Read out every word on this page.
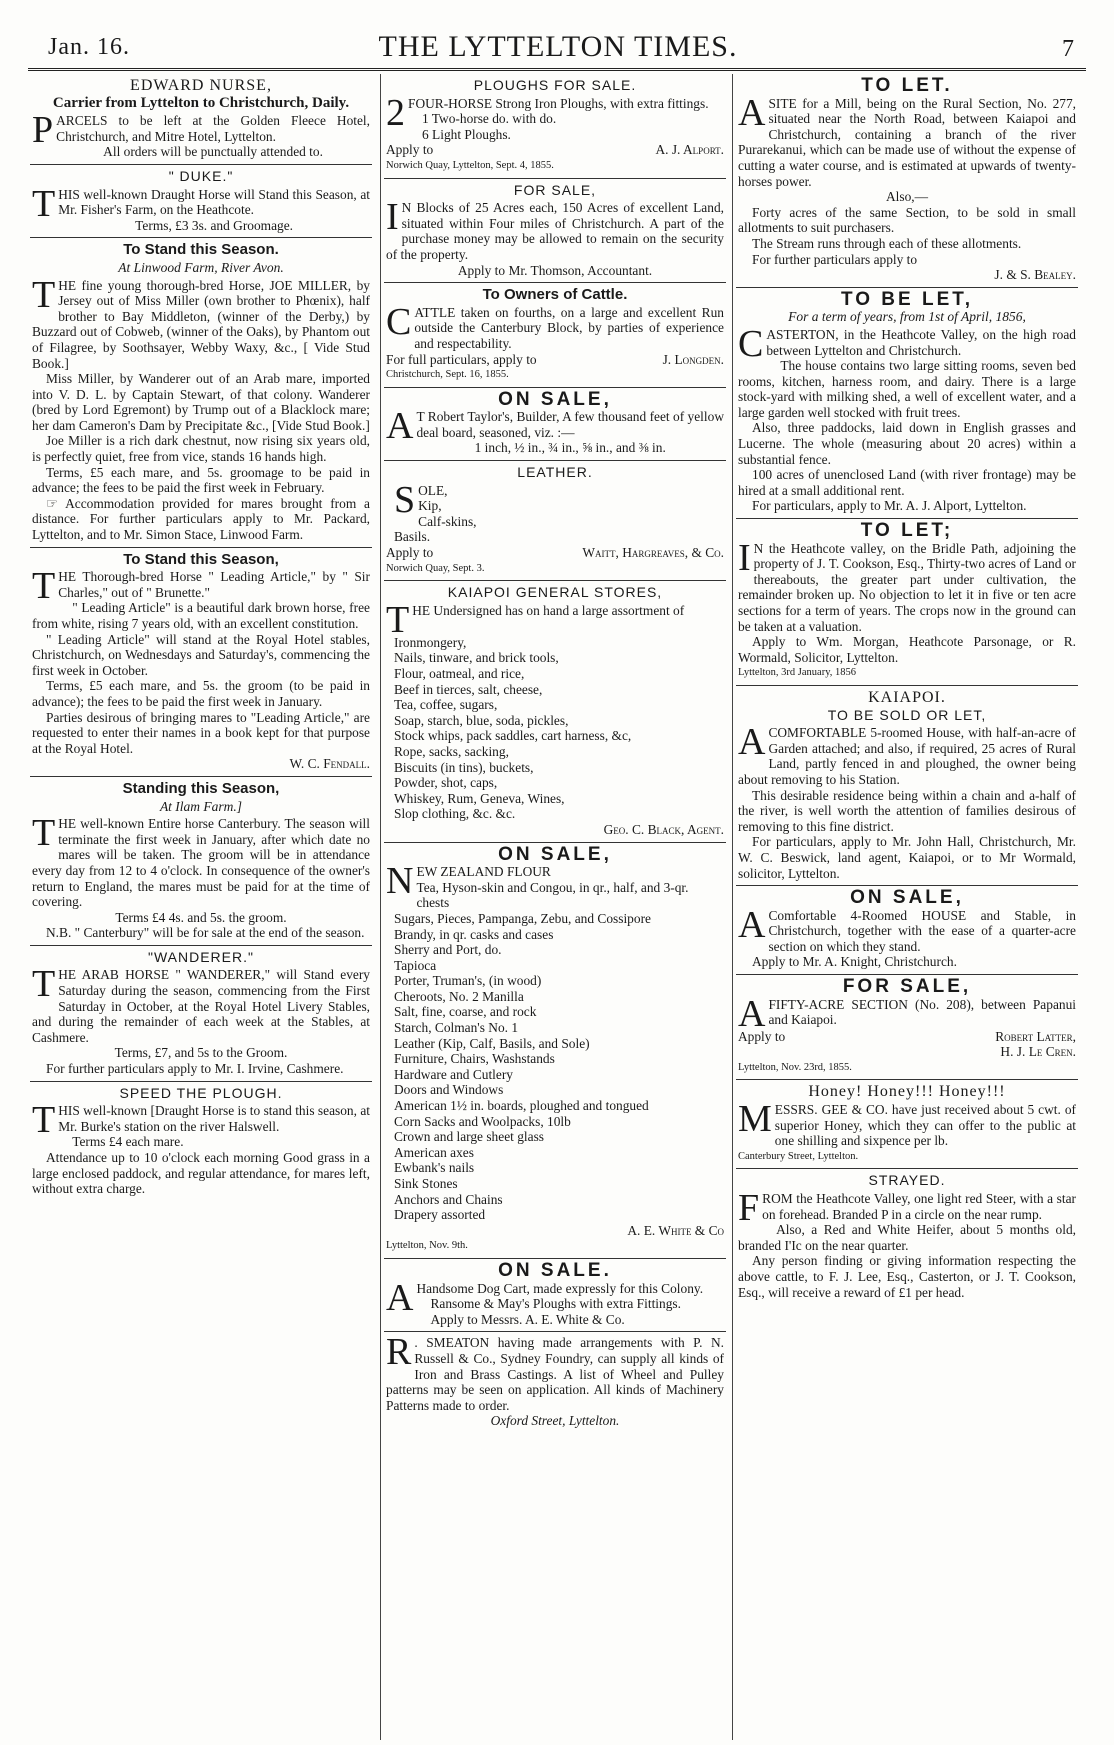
Jan. 16.	THE LYTTELTON TIMES.	7
EDWARD NURSE,
Carrier from Lyttelton to Christchurch, Daily.

PARCELS to be left at the Golden Fleece Hotel, Christchurch, and Mitre Hotel, Lyttelton.

All orders will be punctually attended to.

" DUKE."

THIS well-known Draught Horse will Stand this Season, at Mr. Fisher's Farm, on the Heathcote.

Terms, £3 3s. and Groomage.

To Stand this Season.
At Linwood Farm, River Avon.

THE fine young thorough-bred Horse, JOE MILLER, by Jersey out of Miss Miller (own brother to Phœnix), half brother to Bay Middleton, (winner of the Derby,) by Buzzard out of Cobweb, (winner of the Oaks), by Phantom out of Filagree, by Soothsayer, Webby Waxy, &c., [ Vide Stud Book.]

Miss Miller, by Wanderer out of an Arab mare, imported into V. D. L. by Captain Stewart, of that colony. Wanderer (bred by Lord Egremont) by Trump out of a Blacklock mare; her dam Cameron's Dam by Precipitate &c., [Vide Stud Book.]

Joe Miller is a rich dark chestnut, now rising six years old, is perfectly quiet, free from vice, stands 16 hands high.

Terms, £5 each mare, and 5s. groomage to be paid in advance; the fees to be paid the first week in February.

☞ Accommodation provided for mares brought from a distance. For further particulars apply to Mr. Packard, Lyttelton, and to Mr. Simon Stace, Linwood Farm.

To Stand this Season,

THE Thorough-bred Horse " Leading Article," by " Sir Charles," out of " Brunette."

" Leading Article" is a beautiful dark brown horse, free from white, rising 7 years old, with an excellent constitution.

" Leading Article" will stand at the Royal Hotel stables, Christchurch, on Wednesdays and Saturday's, commencing the first week in October.

Terms, £5 each mare, and 5s. the groom (to be paid in advance); the fees to be paid the first week in January.

Parties desirous of bringing mares to "Leading Article," are requested to enter their names in a book kept for that purpose at the Royal Hotel.

W. C. Fendall.
Standing this Season,
At Ilam Farm.]

THE well-known Entire horse Canterbury. The season will terminate the first week in January, after which date no mares will be taken. The groom will be in attendance every day from 12 to 4 o'clock. In consequence of the owner's return to England, the mares must be paid for at the time of covering.

Terms £4 4s. and 5s. the groom.

N.B. " Canterbury" will be for sale at the end of the season.

"WANDERER."

THE ARAB HORSE " WANDERER," will Stand every Saturday during the season, commencing from the First Saturday in October, at the Royal Hotel Livery Stables, and during the remainder of each week at the Stables, at Cashmere.

Terms, £7, and 5s to the Groom.

For further particulars apply to Mr. I. Irvine, Cashmere.

SPEED THE PLOUGH.

THIS well-known [Draught Horse is to stand this season, at Mr. Burke's station on the river Halswell.

Terms £4 each mare.

Attendance up to 10 o'clock each morning Good grass in a large enclosed paddock, and regular attendance, for mares left, without extra charge.

PLOUGHS FOR SALE.

2 FOUR-HORSE Strong Iron Ploughs, with extra fittings.

1 Two-horse do. with do.

6 Light Ploughs.

Apply to	A. J. Alport.
Norwich Quay, Lyttelton, Sept. 4, 1855.
FOR SALE,

I N Blocks of 25 Acres each, 150 Acres of excellent Land, situated within Four miles of Christchurch. A part of the purchase money may be allowed to remain on the security of the property.

Apply to Mr. Thomson, Accountant.

To Owners of Cattle.

CATTLE taken on fourths, on a large and excellent Run outside the Canterbury Block, by parties of experience and respectability.

For full particulars, apply to	J. Longden.
Christchurch, Sept. 16, 1855.
ON SALE,

A T Robert Taylor's, Builder, A few thousand feet of yellow deal board, seasoned, viz. :—

1 inch, ½ in., ¾ in., ⅝ in., and ⅜ in.

LEATHER.
SOLE,
Kip,
Calf-skins,
Basils.
Apply to	Waitt, Hargreaves, & Co.
Norwich Quay, Sept. 3.
KAIAPOI GENERAL STORES,

THE Undersigned has on hand a large assortment of

Ironmongery,
Nails, tinware, and brick tools,
Flour, oatmeal, and rice,
Beef in tierces, salt, cheese,
Tea, coffee, sugars,
Soap, starch, blue, soda, pickles,
Stock whips, pack saddles, cart harness, &c,
Rope, sacks, sacking,
Biscuits (in tins), buckets,
Powder, shot, caps,
Whiskey, Rum, Geneva, Wines,
Slop clothing, &c. &c.
Geo. C. Black, Agent.
ON SALE,

NEW ZEALAND FLOUR

Tea, Hyson-skin and Congou, in qr., half, and 3-qr. chests
Sugars, Pieces, Pampanga, Zebu, and Cossipore
Brandy, in qr. casks and cases
Sherry and Port, do.
Tapioca
Porter, Truman's, (in wood)
Cheroots, No. 2 Manilla
Salt, fine, coarse, and rock
Starch, Colman's No. 1
Leather (Kip, Calf, Basils, and Sole)
Furniture, Chairs, Washstands
Hardware and Cutlery
Doors and Windows
American 1½ in. boards, ploughed and tongued
Corn Sacks and Woolpacks, 10lb
Crown and large sheet glass
American axes
Ewbank's nails
Sink Stones
Anchors and Chains
Drapery assorted
A. E. White & Co
Lyttelton, Nov. 9th.
ON SALE.

A Handsome Dog Cart, made expressly for this Colony.

Ransome & May's Ploughs with extra Fittings.

Apply to Messrs. A. E. White & Co.

R . SMEATON having made arrangements with P. N. Russell & Co., Sydney Foundry, can supply all kinds of Iron and Brass Castings. A list of Wheel and Pulley patterns may be seen on application. All kinds of Machinery Patterns made to order.

Oxford Street, Lyttelton.

TO LET.

ASITE for a Mill, being on the Rural Section, No. 277, situated near the North Road, between Kaiapoi and Christchurch, containing a branch of the river Purarekanui, which can be made use of without the expense of cutting a water course, and is estimated at upwards of twenty-horses power.

Also,—

Forty acres of the same Section, to be sold in small allotments to suit purchasers.

The Stream runs through each of these allotments.

For further particulars apply to

J. & S. Bealey.
TO BE LET,
For a term of years, from 1st of April, 1856,

CASTERTON, in the Heathcote Valley, on the high road between Lyttelton and Christchurch.

The house contains two large sitting rooms, seven bed rooms, kitchen, harness room, and dairy. There is a large stock-yard with milking shed, a well of excellent water, and a large garden well stocked with fruit trees.

Also, three paddocks, laid down in English grasses and Lucerne. The whole (measuring about 20 acres) within a substantial fence.

100 acres of unenclosed Land (with river frontage) may be hired at a small additional rent.

For particulars, apply to Mr. A. J. Alport, Lyttelton.

TO LET;

I N the Heathcote valley, on the Bridle Path, adjoining the property of J. T. Cookson, Esq., Thirty-two acres of Land or thereabouts, the greater part under cultivation, the remainder broken up. No objection to let it in five or ten acre sections for a term of years. The crops now in the ground can be taken at a valuation.

Apply to Wm. Morgan, Heathcote Parsonage, or R. Wormald, Solicitor, Lyttelton.

Lyttelton, 3rd January, 1856
KAIAPOI.
TO BE SOLD OR LET,

ACOMFORTABLE 5-roomed House, with half-an-acre of Garden attached; and also, if required, 25 acres of Rural Land, partly fenced in and ploughed, the owner being about removing to his Station.

This desirable residence being within a chain and a-half of the river, is well worth the attention of families desirous of removing to this fine district.

For particulars, apply to Mr. John Hall, Christchurch, Mr. W. C. Beswick, land agent, Kaiapoi, or to Mr Wormald, solicitor, Lyttelton.

ON SALE,

A Comfortable 4-Roomed HOUSE and Stable, in Christchurch, together with the ease of a quarter-acre section on which they stand.

Apply to Mr. A. Knight, Christchurch.

FOR SALE,

AFIFTY-ACRE SECTION (No. 208), between Papanui and Kaiapoi.

Apply to	Robert Latter,
H. J. Le Cren.
Lyttelton, Nov. 23rd, 1855.
Honey! Honey!!! Honey!!!

MESSRS. GEE & CO. have just received about 5 cwt. of superior Honey, which they can offer to the public at one shilling and sixpence per lb.

Canterbury Street, Lyttelton.
STRAYED.

FROM the Heathcote Valley, one light red Steer, with a star on forehead. Branded P in a circle on the near rump.

Also, a Red and White Heifer, about 5 months old, branded I'Ic on the near quarter.

Any person finding or giving information respecting the above cattle, to F. J. Lee, Esq., Casterton, or J. T. Cookson, Esq., will receive a reward of £1 per head.
